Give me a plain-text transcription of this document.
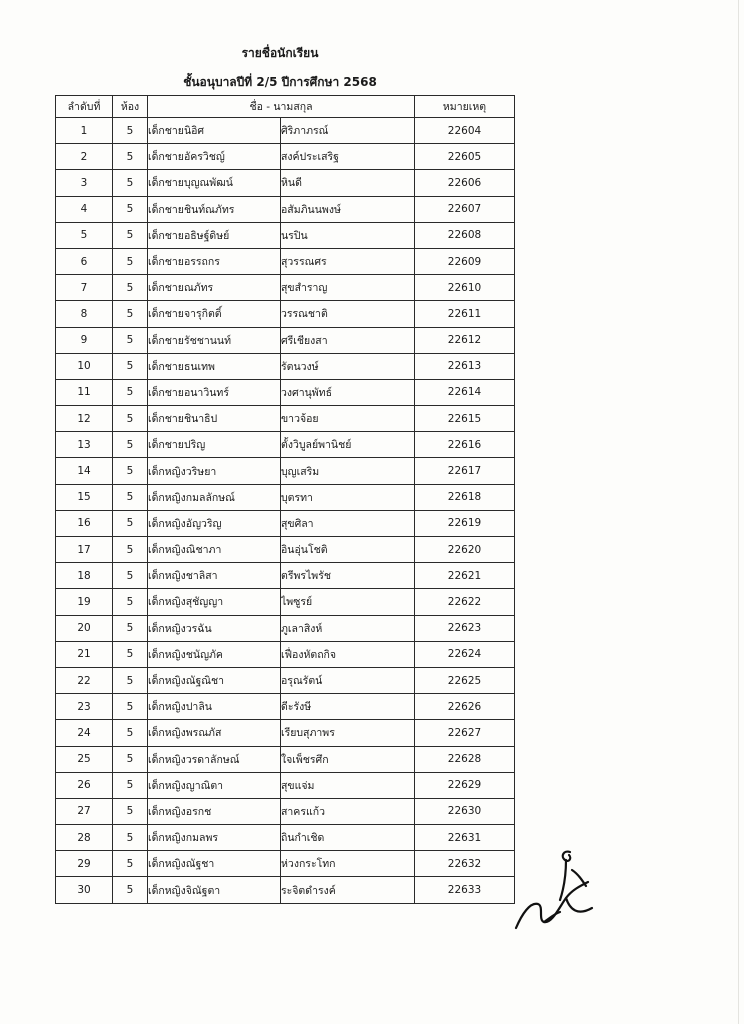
รายชื่อนักเรียน
ชั้นอนุบาลปีที่ 2/5 ปีการศึกษา 2568
ลำดับที่	ห้อง	ชื่อ - นามสกุล		หมายเหตุ
1	5	เด็กชายนิอิศ	ศิริภาภรณ์	22604
2	5	เด็กชายอัครวิชญ์	สงค์ประเสริฐ	22605
3	5	เด็กชายบุญณพัฒน์	หินดี	22606
4	5	เด็กชายชินท์ณภัทร	อสัมภินนพงษ์	22607
5	5	เด็กชายอธิษฐ์ดิษย์	นรปิน	22608
6	5	เด็กชายอรรถกร	สุวรรณศร	22609
7	5	เด็กชายณภัทร	สุขสำราญ	22610
8	5	เด็กชายจารุกิตติ์	วรรณชาติ	22611
9	5	เด็กชายรัชชานนท์	ศรีเชียงสา	22612
10	5	เด็กชายธนเทพ	รัตนวงษ์	22613
11	5	เด็กชายอนาวินทร์	วงศานุพัทธ์	22614
12	5	เด็กชายชินาธิป	ขาวจ้อย	22615
13	5	เด็กชายปริญ	ตั้งวิบูลย์พานิชย์	22616
14	5	เด็กหญิงวริษยา	บุญเสริม	22617
15	5	เด็กหญิงกมลลักษณ์	บุตรทา	22618
16	5	เด็กหญิงอัญวริญ	สุขศิลา	22619
17	5	เด็กหญิงณิชาภา	อินอุ่นโชติ	22620
18	5	เด็กหญิงชาลิสา	ตรีพรไพรัช	22621
19	5	เด็กหญิงสุชัญญา	ไพซูรย์	22622
20	5	เด็กหญิงวรฉัน	ภูเลาสิงห์	22623
21	5	เด็กหญิงชนัญภัค	เฟื่องหัตถกิจ	22624
22	5	เด็กหญิงณัฐณิชา	อรุณรัตน์	22625
23	5	เด็กหญิงปาลิน	ดีะรังษี	22626
24	5	เด็กหญิงพรณภัส	เรียบสุภาพร	22627
25	5	เด็กหญิงวรดาลักษณ์	ใจเพ็ชรศึก	22628
26	5	เด็กหญิงญาณิตา	สุขแจ่ม	22629
27	5	เด็กหญิงอรกช	สาครแก้ว	22630
28	5	เด็กหญิงกมลพร	ถินกำเชิด	22631
29	5	เด็กหญิงณัฐชา	ห่วงกระโทก	22632
30	5	เด็กหญิงจิณัฐตา	ระจิตดำรงค์	22633
